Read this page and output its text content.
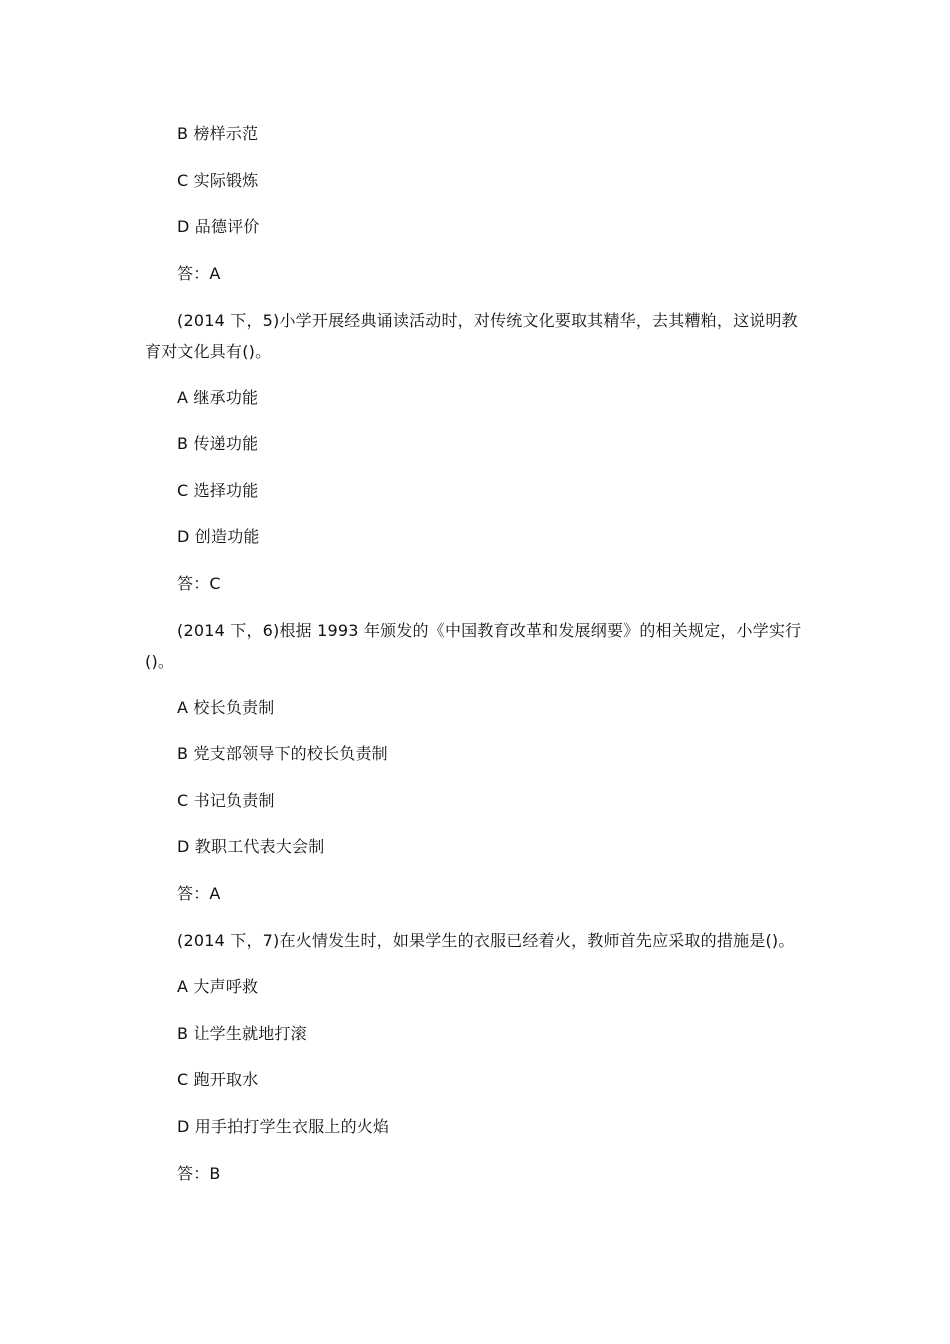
B 榜样示范
C 实际锻炼
D 品德评价
答：A
(2014 下，5)小学开展经典诵读活动时，对传统文化要取其精华，去其糟粕，这说明教
育对文化具有()。
A 继承功能
B 传递功能
C 选择功能
D 创造功能
答：C
(2014 下，6)根据 1993 年颁发的《中国教育改革和发展纲要》的相关规定，小学实行
()。
A 校长负责制
B 党支部领导下的校长负责制
C 书记负责制
D 教职工代表大会制
答：A
(2014 下，7)在火情发生时，如果学生的衣服已经着火，教师首先应采取的措施是()。
A 大声呼救
B 让学生就地打滚
C 跑开取水
D 用手拍打学生衣服上的火焰
答：B
